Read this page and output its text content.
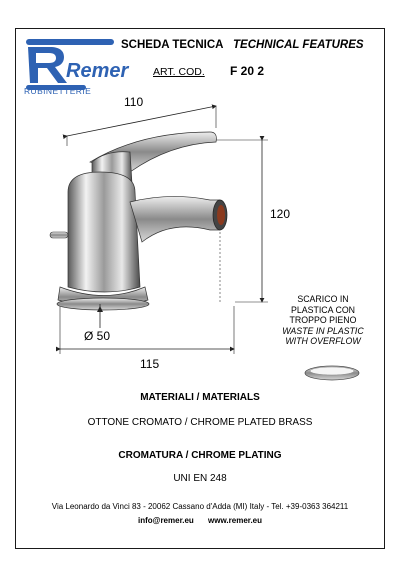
Remer
RUBINETTERIE
SCHEDA TECNICA TECHNICAL FEATURES
ART. COD. F 20 2
110
120
Ø 50
115
SCARICO IN
PLASTICA CON
TROPPO PIENO
WASTE IN PLASTIC
WITH OVERFLOW
MATERIALI / MATERIALS
OTTONE CROMATO / CHROME PLATED BRASS
CROMATURA / CHROME PLATING
UNI EN 248
Via Leonardo da Vinci 83 - 20062 Cassano d'Adda (MI) Italy - Tel. +39-0363 364211
info@remer.eu www.remer.eu
